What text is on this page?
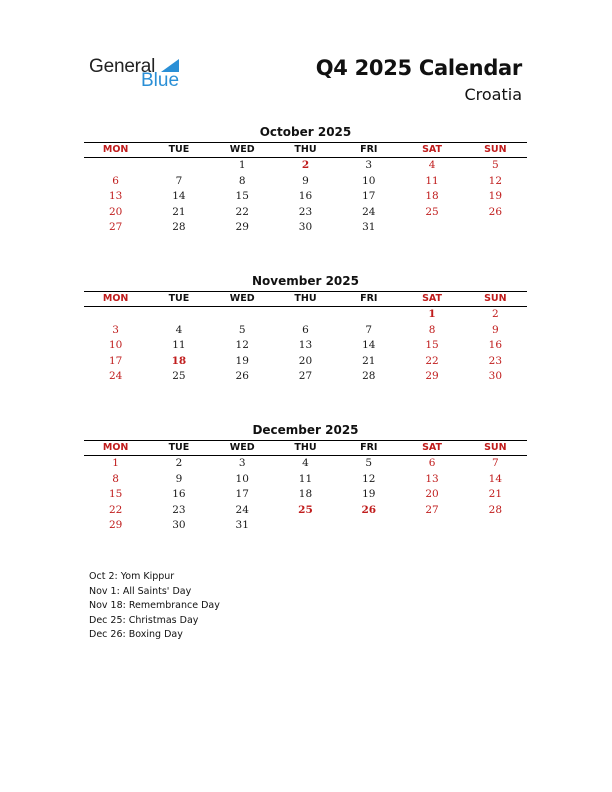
General
Blue
Q4 2025 Calendar
Croatia
October 2025
MON	TUE	WED	THU	FRI	SAT	SUN
		1	2	3	4	5
6	7	8	9	10	11	12
13	14	15	16	17	18	19
20	21	22	23	24	25	26
27	28	29	30	31		
November 2025
MON	TUE	WED	THU	FRI	SAT	SUN
					1	2
3	4	5	6	7	8	9
10	11	12	13	14	15	16
17	18	19	20	21	22	23
24	25	26	27	28	29	30
December 2025
MON	TUE	WED	THU	FRI	SAT	SUN
1	2	3	4	5	6	7
8	9	10	11	12	13	14
15	16	17	18	19	20	21
22	23	24	25	26	27	28
29	30	31				
Oct 2: Yom Kippur
Nov 1: All Saints' Day
Nov 18: Remembrance Day
Dec 25: Christmas Day
Dec 26: Boxing Day
